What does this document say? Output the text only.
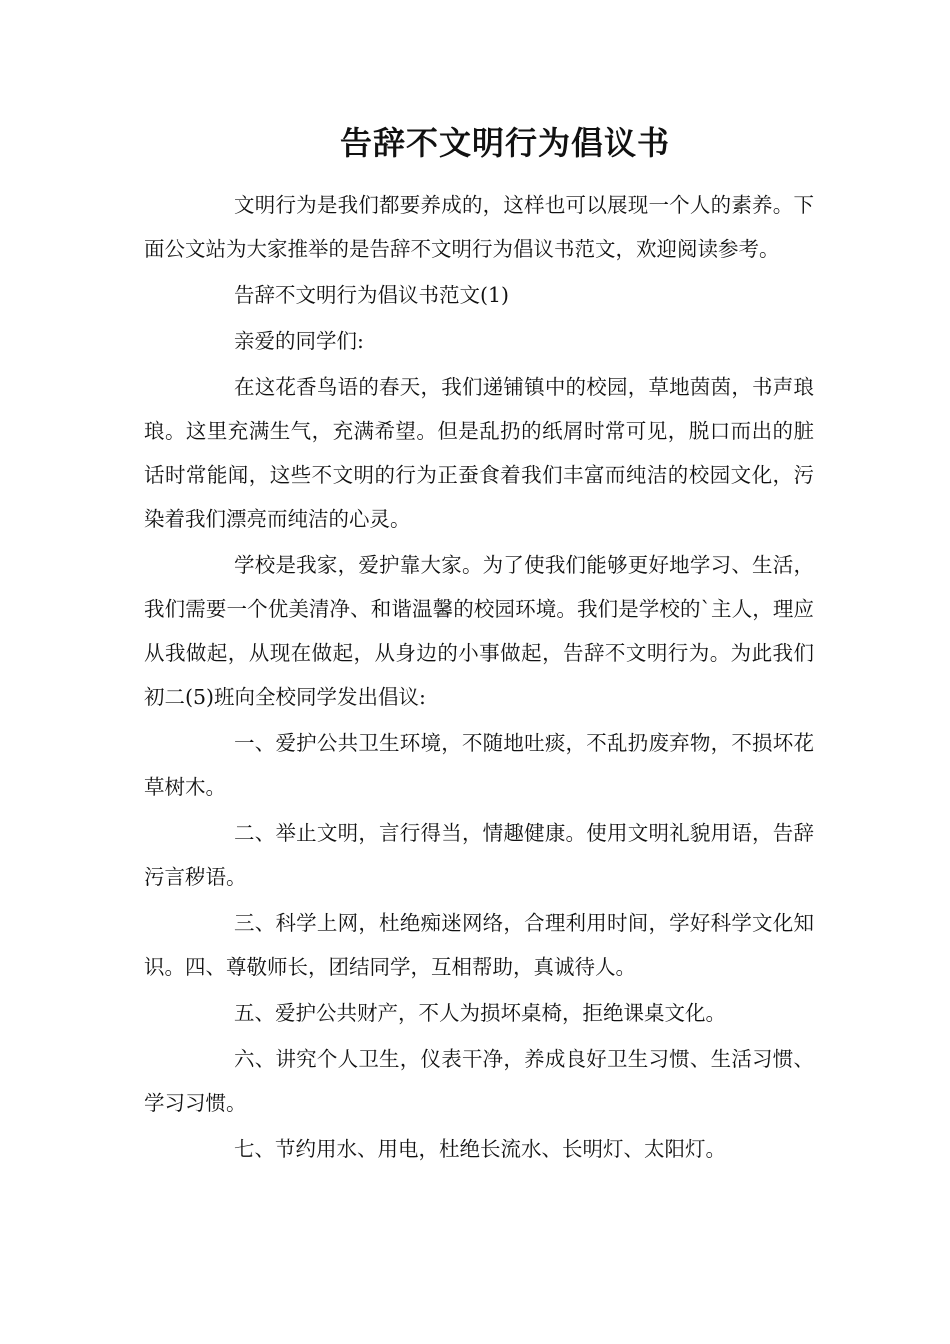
告辞不文明行为倡议书

文明行为是我们都要养成的，这样也可以展现一个人的素养。下面公文站为大家推举的是告辞不文明行为倡议书范文，欢迎阅读参考。

告辞不文明行为倡议书范文(1)

亲爱的同学们:

在这花香鸟语的春天，我们递铺镇中的校园，草地茵茵，书声琅琅。这里充满生气，充满希望。但是乱扔的纸屑时常可见，脱口而出的脏话时常能闻，这些不文明的行为正蚕食着我们丰富而纯洁的校园文化，污染着我们漂亮而纯洁的心灵。

学校是我家，爱护靠大家。为了使我们能够更好地学习、生活，我们需要一个优美清净、和谐温馨的校园环境。我们是学校的`主人，理应从我做起，从现在做起，从身边的小事做起，告辞不文明行为。为此我们初二(5)班向全校同学发出倡议:

一、爱护公共卫生环境，不随地吐痰，不乱扔废弃物，不损坏花草树木。

二、举止文明，言行得当，情趣健康。使用文明礼貌用语，告辞污言秽语。

三、科学上网，杜绝痴迷网络，合理利用时间，学好科学文化知识。四、尊敬师长，团结同学，互相帮助，真诚待人。

五、爱护公共财产，不人为损坏桌椅，拒绝课桌文化。

六、讲究个人卫生，仪表干净，养成良好卫生习惯、生活习惯、学习习惯。

七、节约用水、用电，杜绝长流水、长明灯、太阳灯。
